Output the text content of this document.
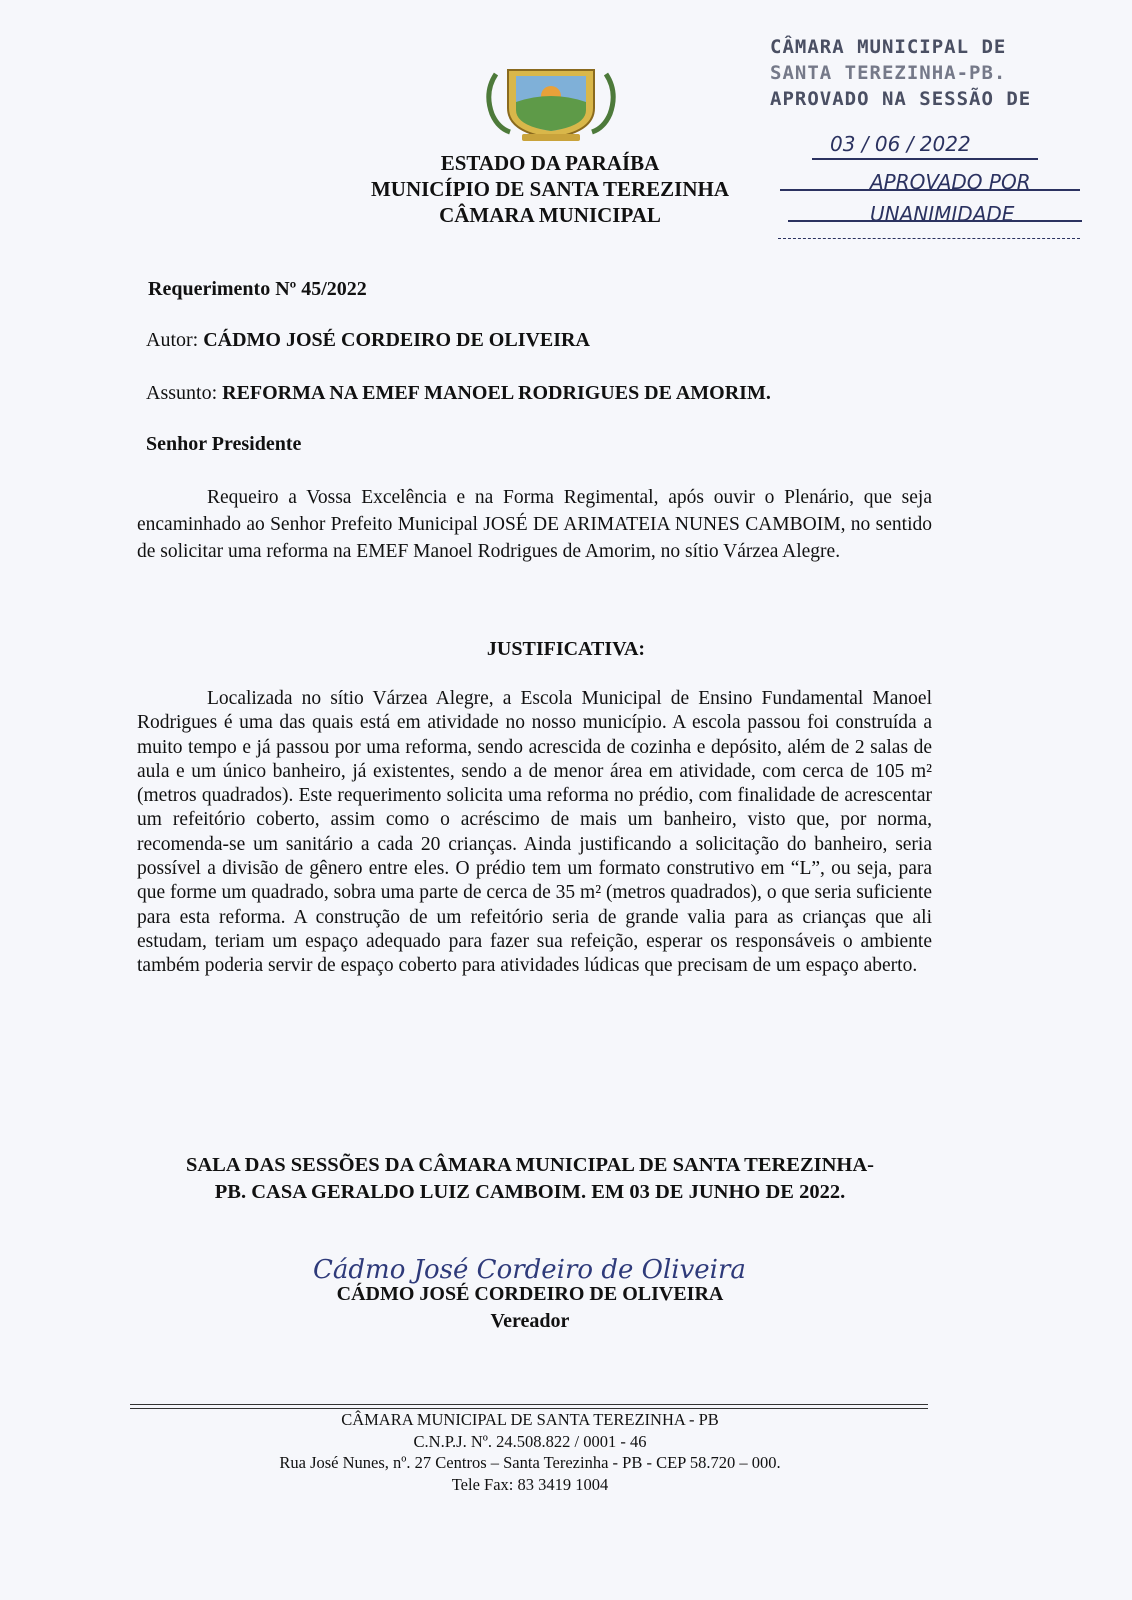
ESTADO DA PARAÍBA
MUNICÍPIO DE SANTA TEREZINHA
CÂMARA MUNICIPAL
CÂMARA MUNICIPAL DE
SANTA TEREZINHA-PB.
APROVADO NA SESSÃO DE
03 / 06 / 2022
APROVADO POR
UNANIMIDADE
Requerimento Nº 45/2022
Autor: CÁDMO JOSÉ CORDEIRO DE OLIVEIRA
Assunto: REFORMA NA EMEF MANOEL RODRIGUES DE AMORIM.
Senhor Presidente
Requeiro a Vossa Excelência e na Forma Regimental, após ouvir o Plenário, que seja encaminhado ao Senhor Prefeito Municipal JOSÉ DE ARIMATEIA NUNES CAMBOIM, no sentido de solicitar uma reforma na EMEF Manoel Rodrigues de Amorim, no sítio Várzea Alegre.
JUSTIFICATIVA:
Localizada no sítio Várzea Alegre, a Escola Municipal de Ensino Fundamental Manoel Rodrigues é uma das quais está em atividade no nosso município. A escola passou foi construída a muito tempo e já passou por uma reforma, sendo acrescida de cozinha e depósito, além de 2 salas de aula e um único banheiro, já existentes, sendo a de menor área em atividade, com cerca de 105 m² (metros quadrados). Este requerimento solicita uma reforma no prédio, com finalidade de acrescentar um refeitório coberto, assim como o acréscimo de mais um banheiro, visto que, por norma, recomenda-se um sanitário a cada 20 crianças. Ainda justificando a solicitação do banheiro, seria possível a divisão de gênero entre eles. O prédio tem um formato construtivo em “L”, ou seja, para que forme um quadrado, sobra uma parte de cerca de 35 m² (metros quadrados), o que seria suficiente para esta reforma. A construção de um refeitório seria de grande valia para as crianças que ali estudam, teriam um espaço adequado para fazer sua refeição, esperar os responsáveis o ambiente também poderia servir de espaço coberto para atividades lúdicas que precisam de um espaço aberto.
SALA DAS SESSÕES DA CÂMARA MUNICIPAL DE SANTA TEREZINHA-
PB. CASA GERALDO LUIZ CAMBOIM. EM 03 DE JUNHO DE 2022.
Cádmo José Cordeiro de Oliveira
CÁDMO JOSÉ CORDEIRO DE OLIVEIRA
Vereador
CÂMARA MUNICIPAL DE SANTA TEREZINHA - PB
C.N.P.J. Nº. 24.508.822 / 0001 - 46
Rua José Nunes, nº. 27 Centros – Santa Terezinha - PB - CEP 58.720 – 000.
Tele Fax: 83 3419 1004
